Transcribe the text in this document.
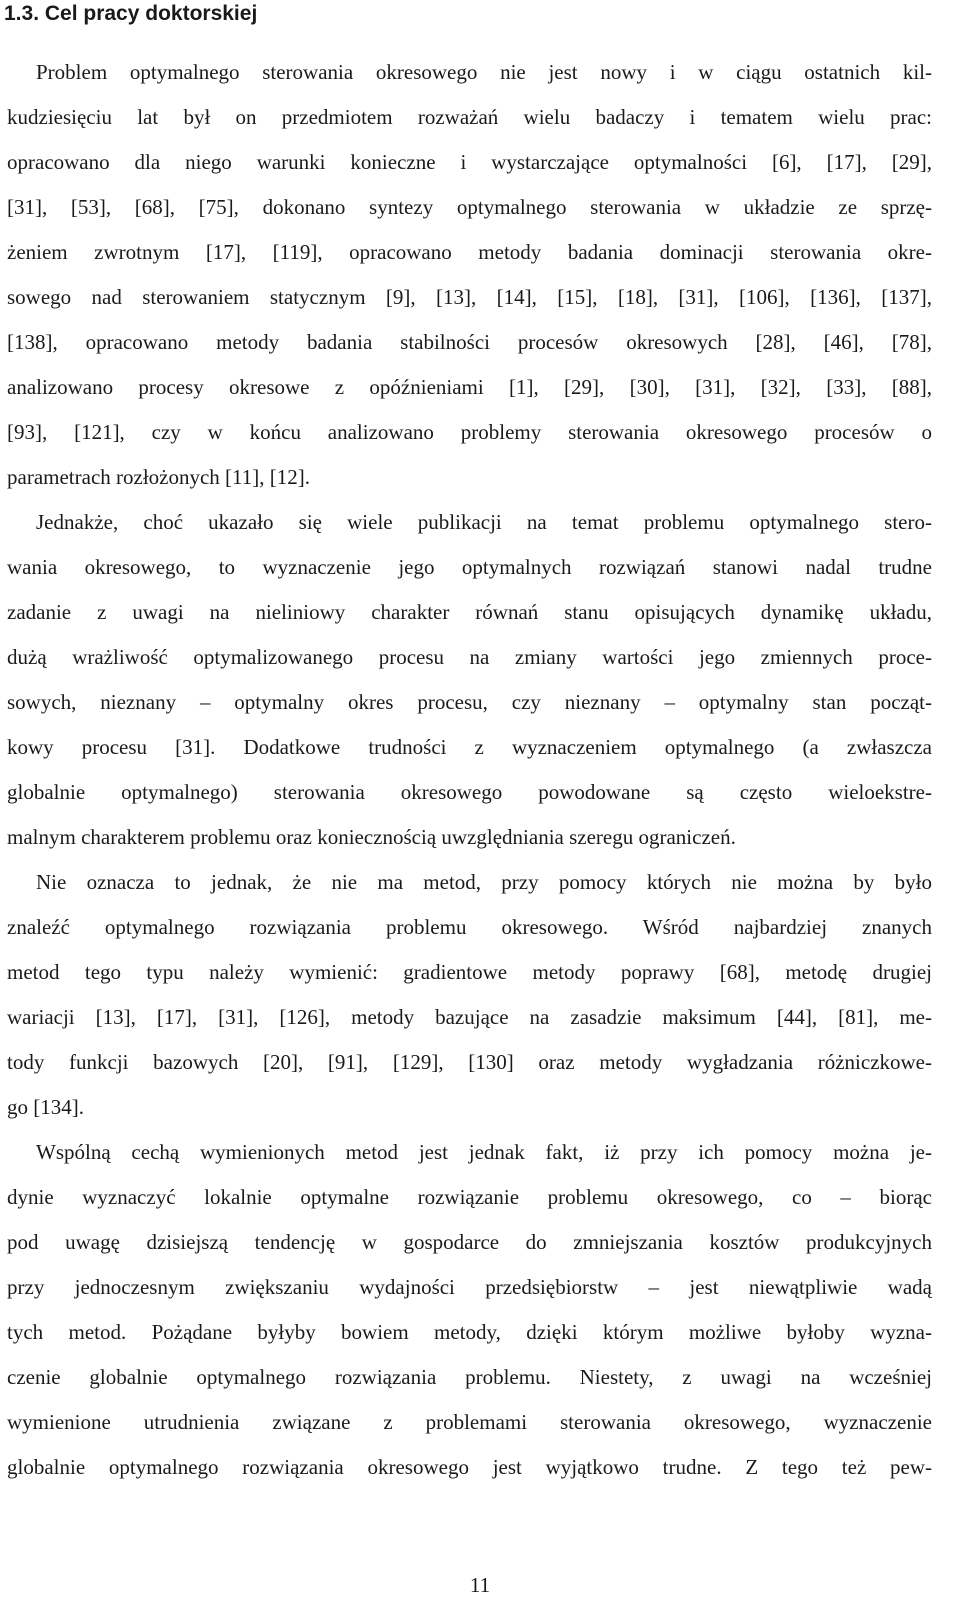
1.3. Cel pracy doktorskiej
Problem optymalnego sterowania okresowego nie jest nowy i w ciągu ostatnich kil-
kudziesięciu lat był on przedmiotem rozważań wielu badaczy i tematem wielu prac:
opracowano dla niego warunki konieczne i wystarczające optymalności [6], [17], [29],
[31], [53], [68], [75], dokonano syntezy optymalnego sterowania w układzie ze sprzę-
żeniem zwrotnym [17], [119], opracowano metody badania dominacji sterowania okre-
sowego nad sterowaniem statycznym [9], [13], [14], [15], [18], [31], [106], [136], [137],
[138], opracowano metody badania stabilności procesów okresowych [28], [46], [78],
analizowano procesy okresowe z opóźnieniami [1], [29], [30], [31], [32], [33], [88],
[93], [121], czy w końcu analizowano problemy sterowania okresowego procesów o
parametrach rozłożonych [11], [12].
Jednakże, choć ukazało się wiele publikacji na temat problemu optymalnego stero-
wania okresowego, to wyznaczenie jego optymalnych rozwiązań stanowi nadal trudne
zadanie z uwagi na nieliniowy charakter równań stanu opisujących dynamikę układu,
dużą wrażliwość optymalizowanego procesu na zmiany wartości jego zmiennych proce-
sowych, nieznany – optymalny okres procesu, czy nieznany – optymalny stan począt-
kowy procesu [31]. Dodatkowe trudności z wyznaczeniem optymalnego (a zwłaszcza
globalnie optymalnego) sterowania okresowego powodowane są często wieloekstre-
malnym charakterem problemu oraz koniecznością uwzględniania szeregu ograniczeń.
Nie oznacza to jednak, że nie ma metod, przy pomocy których nie można by było
znaleźć optymalnego rozwiązania problemu okresowego. Wśród najbardziej znanych
metod tego typu należy wymienić: gradientowe metody poprawy [68], metodę drugiej
wariacji [13], [17], [31], [126], metody bazujące na zasadzie maksimum [44], [81], me-
tody funkcji bazowych [20], [91], [129], [130] oraz metody wygładzania różniczkowe-
go [134].
Wspólną cechą wymienionych metod jest jednak fakt, iż przy ich pomocy można je-
dynie wyznaczyć lokalnie optymalne rozwiązanie problemu okresowego, co – biorąc
pod uwagę dzisiejszą tendencję w gospodarce do zmniejszania kosztów produkcyjnych
przy jednoczesnym zwiększaniu wydajności przedsiębiorstw – jest niewątpliwie wadą
tych metod. Pożądane byłyby bowiem metody, dzięki którym możliwe byłoby wyzna-
czenie globalnie optymalnego rozwiązania problemu. Niestety, z uwagi na wcześniej
wymienione utrudnienia związane z problemami sterowania okresowego, wyznaczenie
globalnie optymalnego rozwiązania okresowego jest wyjątkowo trudne. Z tego też pew-
11
